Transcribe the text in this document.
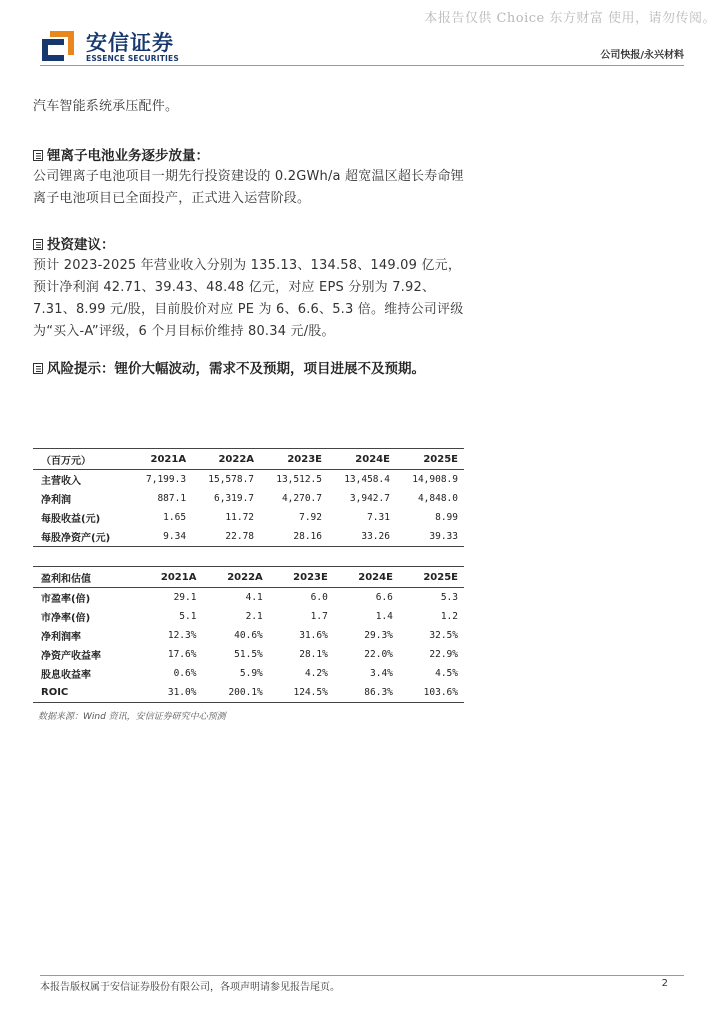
本报告仅供 Choice 东方财富 使用，请勿传阅。
安信证券
ESSENCE SECURITIES	公司快报/永兴材料
汽车智能系统承压配件。
锂离子电池业务逐步放量：
公司锂离子电池项目一期先行投资建设的 0.2GWh/a 超宽温区超长寿命锂离子电池项目已全面投产，正式进入运营阶段。
投资建议：
预计 2023-2025 年营业收入分别为 135.13、134.58、149.09 亿元，预计净利润 42.71、39.43、48.48 亿元，对应 EPS 分别为 7.92、7.31、8.99 元/股，目前股价对应 PE 为 6、6.6、5.3 倍。维持公司评级为“买入-A”评级，6 个月目标价维持 80.34 元/股。
风险提示：锂价大幅波动，需求不及预期，项目进展不及预期。
（百万元）	2021A	2022A	2023E	2024E	2025E
主营收入	7,199.3	15,578.7	13,512.5	13,458.4	14,908.9
净利润	887.1	6,319.7	4,270.7	3,942.7	4,848.0
每股收益(元)	1.65	11.72	7.92	7.31	8.99
每股净资产(元)	9.34	22.78	28.16	33.26	39.33
盈利和估值	2021A	2022A	2023E	2024E	2025E
市盈率(倍)	29.1	4.1	6.0	6.6	5.3
市净率(倍)	5.1	2.1	1.7	1.4	1.2
净利润率	12.3%	40.6%	31.6%	29.3%	32.5%
净资产收益率	17.6%	51.5%	28.1%	22.0%	22.9%
股息收益率	0.6%	5.9%	4.2%	3.4%	4.5%
ROIC	31.0%	200.1%	124.5%	86.3%	103.6%
数据来源：Wind 资讯，安信证券研究中心预测
本报告版权属于安信证券股份有限公司，各项声明请参见报告尾页。	2
